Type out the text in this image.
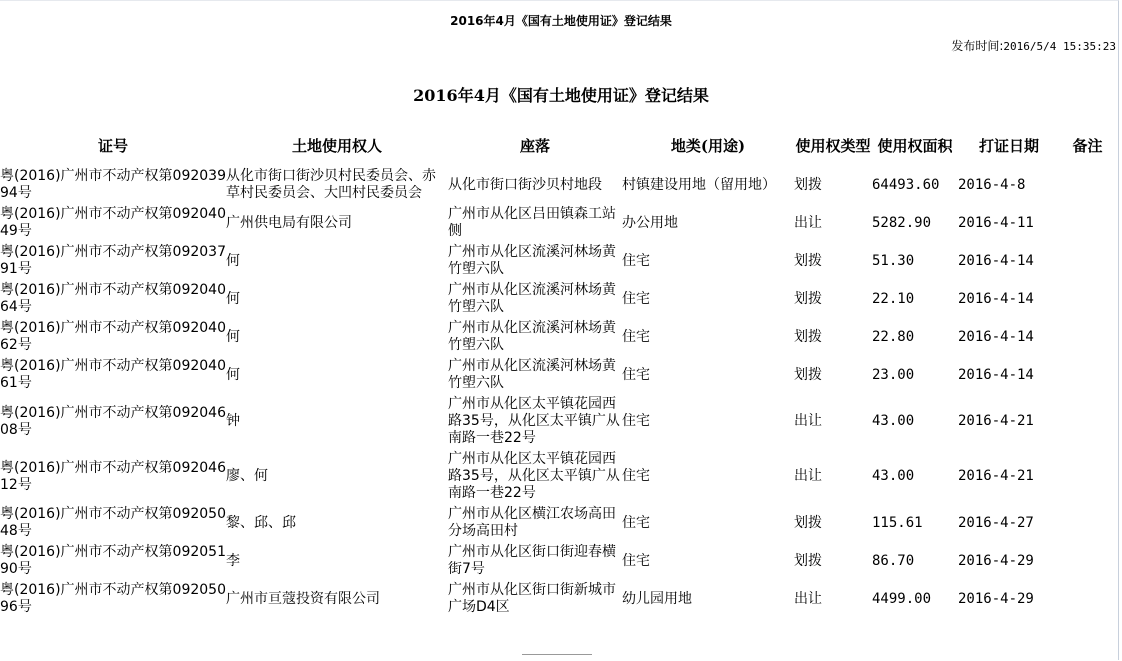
2016年4月《国有土地使用证》登记结果
发布时间:2016/5/4 15:35:23
2016年4月《国有土地使用证》登记结果
证号	土地使用权人	座落	地类(用途)	使用权类型	使用权面积	打证日期	备注
粤(2016)广州市不动产权第09203994号	从化市街口街沙贝村民委员会、赤草村民委员会、大凹村民委员会	从化市街口街沙贝村地段	村镇建设用地（留用地）	划拨	64493.60	2016-4-8	
粤(2016)广州市不动产权第09204049号	广州供电局有限公司	广州市从化区吕田镇森工站侧	办公用地	出让	5282.90	2016-4-11	
粤(2016)广州市不动产权第09203791号	何	广州市从化区流溪河林场黄竹塱六队	住宅	划拨	51.30	2016-4-14	
粤(2016)广州市不动产权第09204064号	何	广州市从化区流溪河林场黄竹塱六队	住宅	划拨	22.10	2016-4-14	
粤(2016)广州市不动产权第09204062号	何	广州市从化区流溪河林场黄竹塱六队	住宅	划拨	22.80	2016-4-14	
粤(2016)广州市不动产权第09204061号	何	广州市从化区流溪河林场黄竹塱六队	住宅	划拨	23.00	2016-4-14	
粤(2016)广州市不动产权第09204608号	钟	广州市从化区太平镇花园西路35号，从化区太平镇广从南路一巷22号	住宅	出让	43.00	2016-4-21	
粤(2016)广州市不动产权第09204612号	廖、何	广州市从化区太平镇花园西路35号，从化区太平镇广从南路一巷22号	住宅	出让	43.00	2016-4-21	
粤(2016)广州市不动产权第09205048号	黎、邱、邱	广州市从化区横江农场高田分场高田村	住宅	划拨	115.61	2016-4-27	
粤(2016)广州市不动产权第09205190号	李	广州市从化区街口街迎春横街7号	住宅	划拨	86.70	2016-4-29	
粤(2016)广州市不动产权第09205096号	广州市亘蔻投资有限公司	广州市从化区街口街新城市广场D4区	幼儿园用地	出让	4499.00	2016-4-29	
